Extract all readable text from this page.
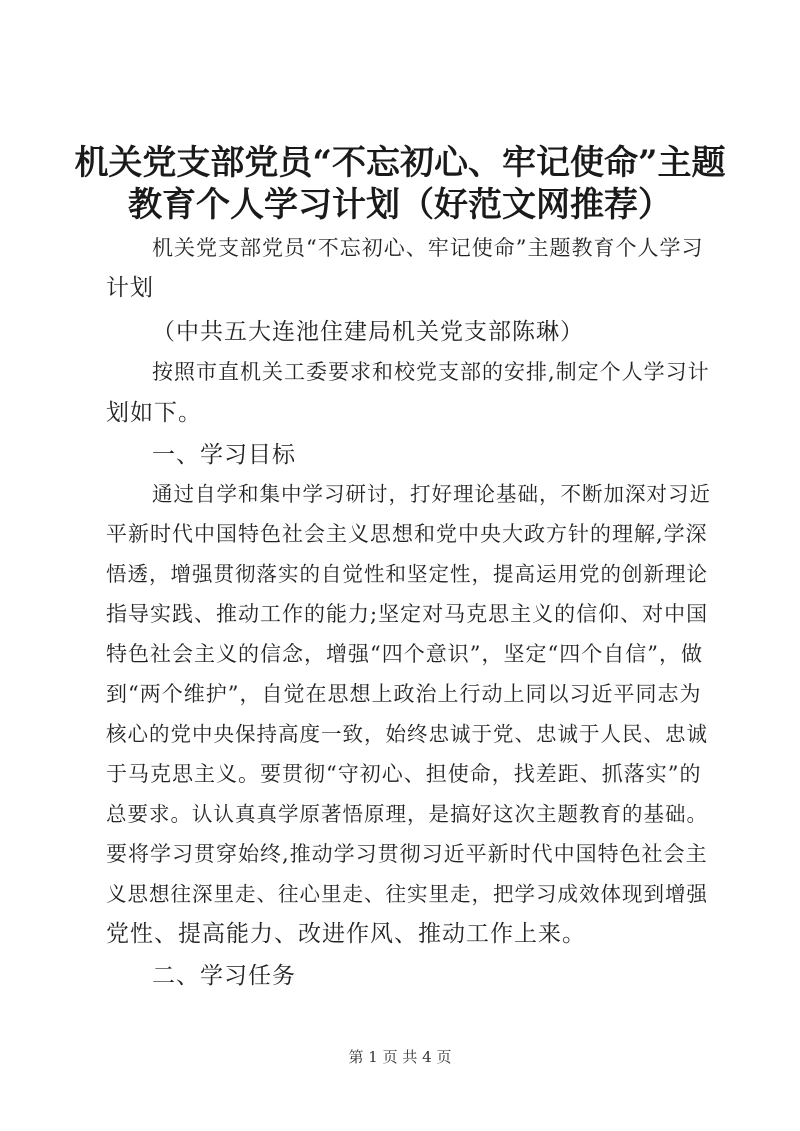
机关党支部党员“不忘初心、牢记使命”主题
教育个人学习计划（好范文网推荐）
机关党支部党员“不忘初心、牢记使命”主题教育个人学习
计划
（中共五大连池住建局机关党支部陈琳）
按照市直机关工委要求和校党支部的安排,制定个人学习计
划如下。
一、学习目标
通过自学和集中学习研讨，打好理论基础，不断加深对习近
平新时代中国特色社会主义思想和党中央大政方针的理解,学深
悟透，增强贯彻落实的自觉性和坚定性，提高运用党的创新理论
指导实践、推动工作的能力;坚定对马克思主义的信仰、对中国
特色社会主义的信念，增强“四个意识”，坚定“四个自信”，做
到“两个维护”，自觉在思想上政治上行动上同以习近平同志为
核心的党中央保持高度一致，始终忠诚于党、忠诚于人民、忠诚
于马克思主义。要贯彻“守初心、担使命，找差距、抓落实”的
总要求。认认真真学原著悟原理，是搞好这次主题教育的基础。
要将学习贯穿始终,推动学习贯彻习近平新时代中国特色社会主
义思想往深里走、往心里走、往实里走，把学习成效体现到增强
党性、提高能力、改进作风、推动工作上来。
二、学习任务
第 1 页 共 4 页
